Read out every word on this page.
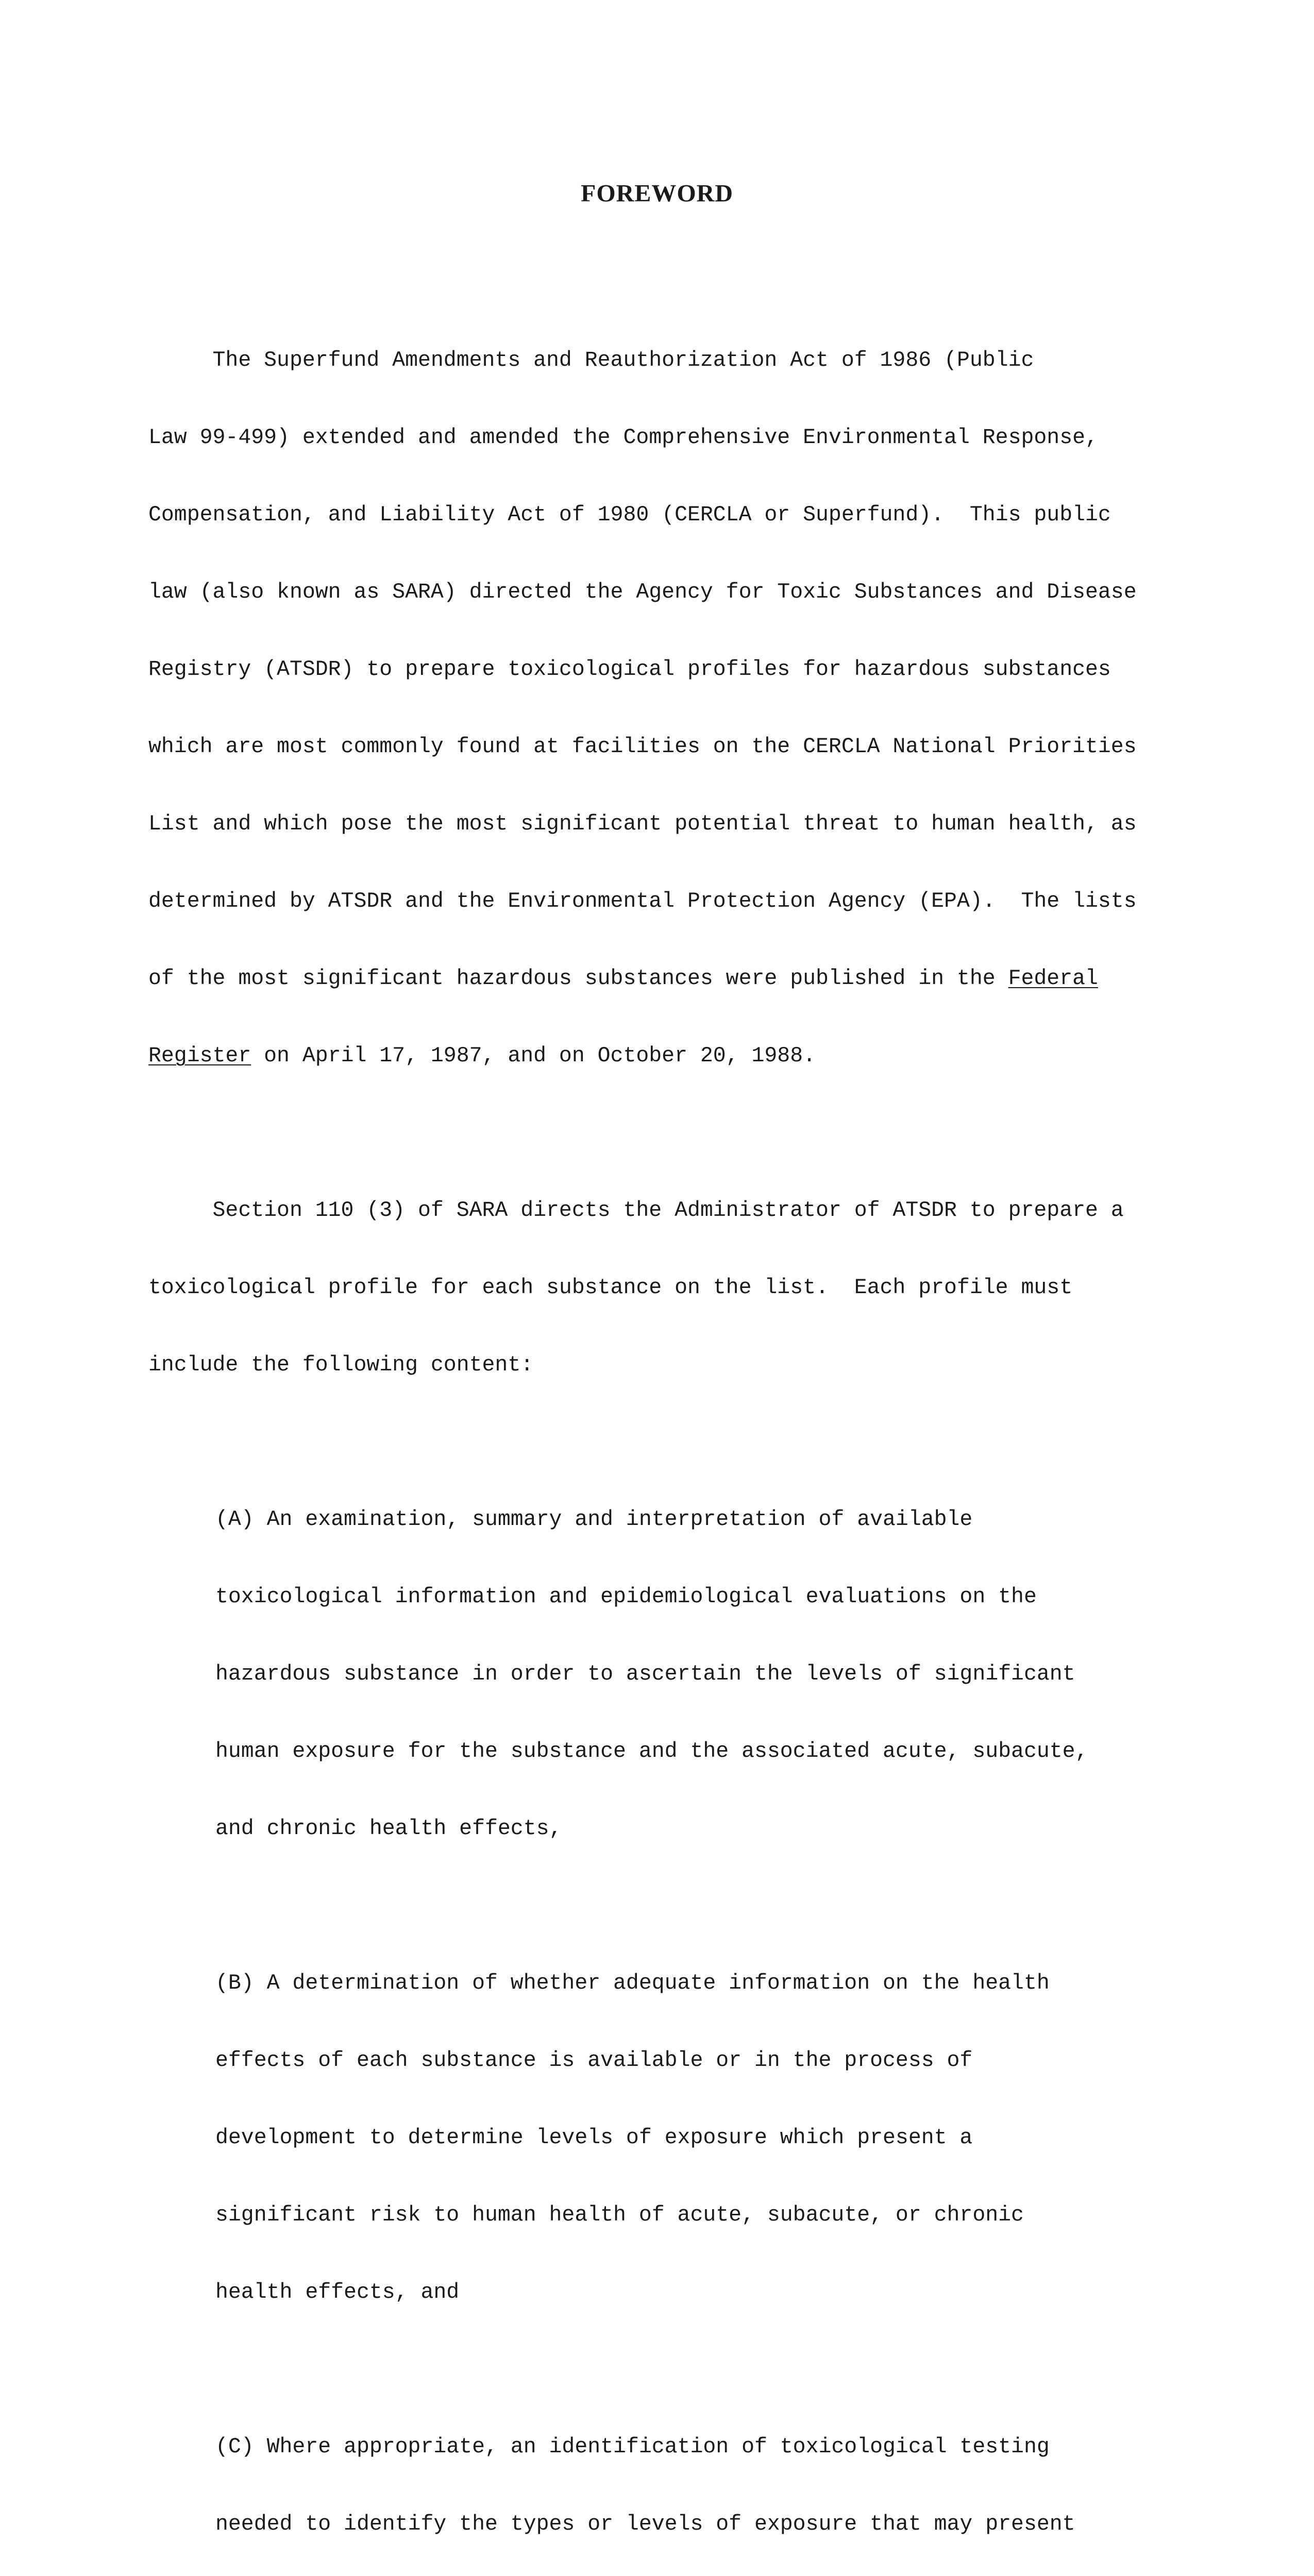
FOREWORD

The Superfund Amendments and Reauthorization Act of 1986 (Public

Law 99-499) extended and amended the Comprehensive Environmental Response,

Compensation, and Liability Act of 1980 (CERCLA or Superfund).  This public

law (also known as SARA) directed the Agency for Toxic Substances and Disease

Registry (ATSDR) to prepare toxicological profiles for hazardous substances

which are most commonly found at facilities on the CERCLA National Priorities

List and which pose the most significant potential threat to human health, as

determined by ATSDR and the Environmental Protection Agency (EPA).  The lists

of the most significant hazardous substances were published in the Federal

Register on April 17, 1987, and on October 20, 1988.

Section 110 (3) of SARA directs the Administrator of ATSDR to prepare a

toxicological profile for each substance on the list.  Each profile must

include the following content:

(A) An examination, summary and interpretation of available

toxicological information and epidemiological evaluations on the

hazardous substance in order to ascertain the levels of significant

human exposure for the substance and the associated acute, subacute,

and chronic health effects,

(B) A determination of whether adequate information on the health

effects of each substance is available or in the process of

development to determine levels of exposure which present a

significant risk to human health of acute, subacute, or chronic

health effects, and

(C) Where appropriate, an identification of toxicological testing

needed to identify the types or levels of exposure that may present
